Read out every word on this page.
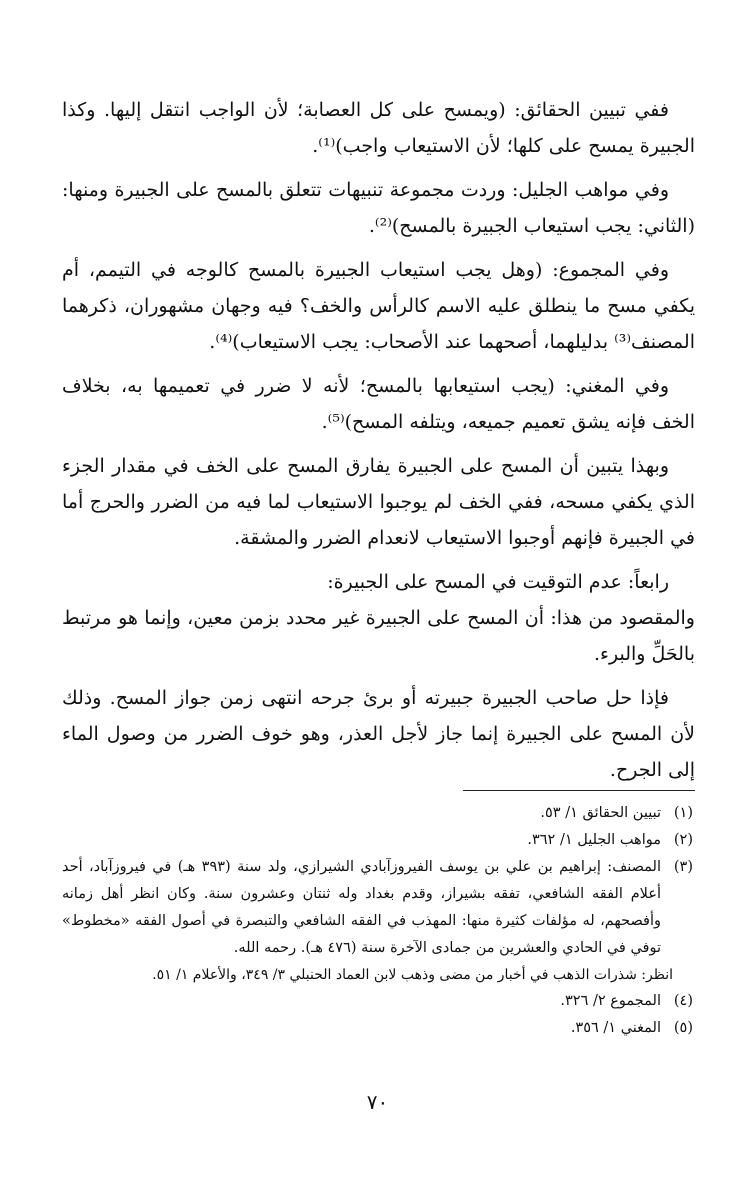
ففي تبيين الحقائق: (ويمسح على كل العصابة؛ لأن الواجب انتقل إليها. وكذا الجبيرة يمسح على كلها؛ لأن الاستيعاب واجب)⁽¹⁾.

وفي مواهب الجليل: وردت مجموعة تنبيهات تتعلق بالمسح على الجبيرة ومنها: (الثاني: يجب استيعاب الجبيرة بالمسح)⁽²⁾.

وفي المجموع: (وهل يجب استيعاب الجبيرة بالمسح كالوجه في التيمم، أم يكفي مسح ما ينطلق عليه الاسم كالرأس والخف؟ فيه وجهان مشهوران، ذكرهما المصنف⁽³⁾ بدليلهما، أصحهما عند الأصحاب: يجب الاستيعاب)⁽⁴⁾.

وفي المغني: (يجب استيعابها بالمسح؛ لأنه لا ضرر في تعميمها به، بخلاف الخف فإنه يشق تعميم جميعه، ويتلفه المسح)⁽⁵⁾.

وبهذا يتبين أن المسح على الجبيرة يفارق المسح على الخف في مقدار الجزء الذي يكفي مسحه، ففي الخف لم يوجبوا الاستيعاب لما فيه من الضرر والحرج أما في الجبيرة فإنهم أوجبوا الاستيعاب لانعدام الضرر والمشقة.

رابعاً: عدم التوقيت في المسح على الجبيرة:

والمقصود من هذا: أن المسح على الجبيرة غير محدد بزمن معين، وإنما هو مرتبط بالحَلِّ والبرء.

فإذا حل صاحب الجبيرة جبيرته أو برئ جرحه انتهى زمن جواز المسح. وذلك لأن المسح على الجبيرة إنما جاز لأجل العذر، وهو خوف الضرر من وصول الماء إلى الجرح.

(١)
تبيين الحقائق ١/ ٥٣.
(٢)
مواهب الجليل ١/ ٣٦٢.
(٣)
المصنف: إبراهيم بن علي بن يوسف الفيروزآبادي الشيرازي، ولد سنة (٣٩٣ هـ) في فيروزآباد، أحد أعلام الفقه الشافعي، تفقه بشيراز، وقدم بغداد وله ثنتان وعشرون سنة. وكان انظر أهل زمانه وأفصحهم، له مؤلفات كثيرة منها: المهذب في الفقه الشافعي والتبصرة في أصول الفقه «مخطوط» توفي في الحادي والعشرين من جمادى الآخرة سنة (٤٧٦ هـ). رحمه الله.
انظر: شذرات الذهب في أخبار من مضى وذهب لابن العماد الحنبلي ٣/ ٣٤٩، والأعلام ١/ ٥١.
(٤)
المجموع ٢/ ٣٢٦.
(٥)
المغني ١/ ٣٥٦.
٧٠
